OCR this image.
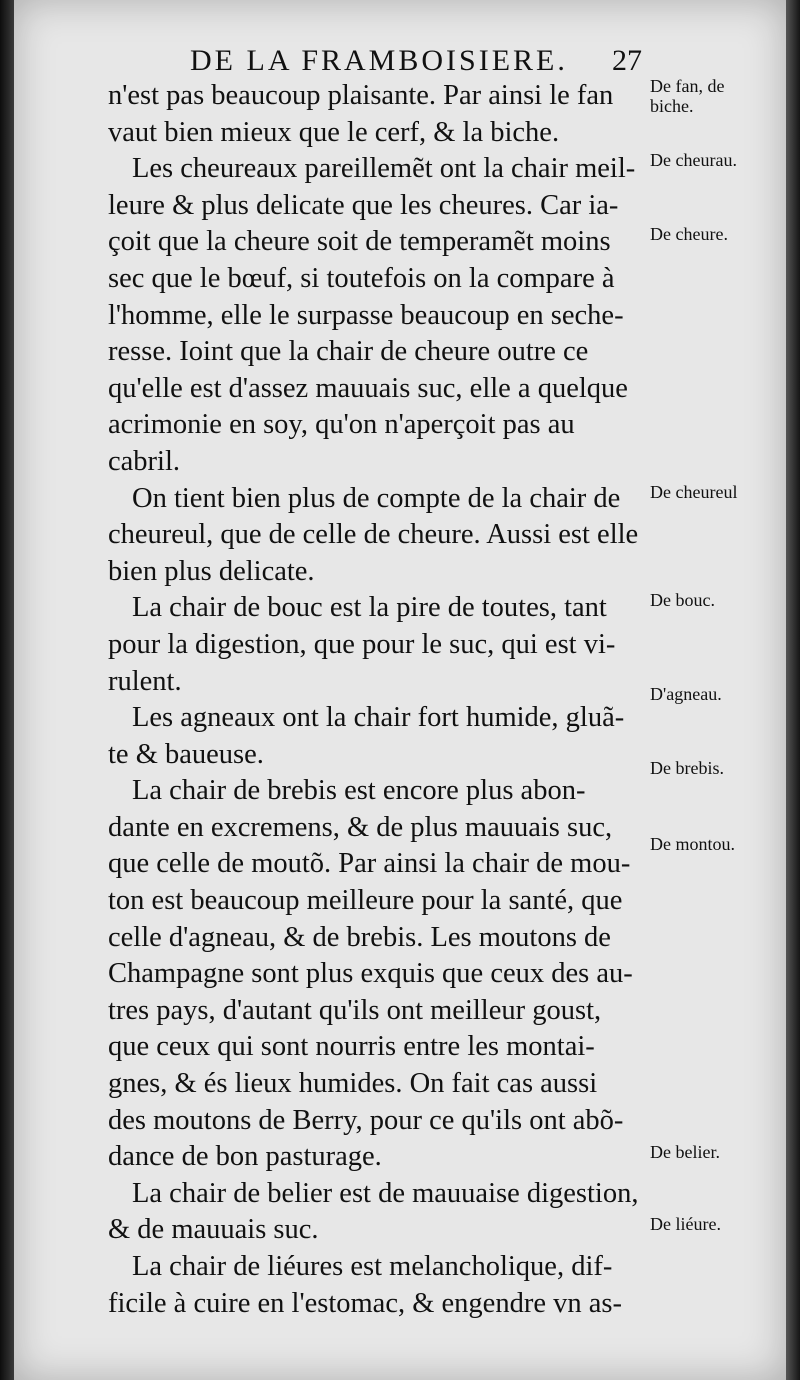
DE LA FRAMBOISIERE.	27
n'est pas beaucoup plaisante. Par ainsi le fan
vaut bien mieux que le cerf, & la biche.
Les cheureaux pareillemẽt ont la chair meil-
leure & plus delicate que les cheures. Car ia-
çoit que la cheure soit de temperamẽt moins
sec que le bœuf, si toutefois on la compare à
l'homme, elle le surpasse beaucoup en seche-
resse. Ioint que la chair de cheure outre ce
qu'elle est d'assez mauuais suc, elle a quelque
acrimonie en soy, qu'on n'aperçoit pas au
cabril.
On tient bien plus de compte de la chair de
cheureul, que de celle de cheure. Aussi est elle
bien plus delicate.
La chair de bouc est la pire de toutes, tant
pour la digestion, que pour le suc, qui est vi-
rulent.
Les agneaux ont la chair fort humide, gluã-
te & baueuse.
La chair de brebis est encore plus abon-
dante en excremens, & de plus mauuais suc,
que celle de moutõ. Par ainsi la chair de mou-
ton est beaucoup meilleure pour la santé, que
celle d'agneau, & de brebis. Les moutons de
Champagne sont plus exquis que ceux des au-
tres pays, d'autant qu'ils ont meilleur goust,
que ceux qui sont nourris entre les montai-
gnes, & és lieux humides. On fait cas aussi
des moutons de Berry, pour ce qu'ils ont abõ-
dance de bon pasturage.
La chair de belier est de mauuaise digestion,
& de mauuais suc.
La chair de liéures est melancholique, dif-
ficile à cuire en l'estomac, & engendre vn as-
De fan, de
biche.
De cheurau.
De cheure.
De cheureul
De bouc.
D'agneau.
De brebis.
De montou.
De belier.
De liéure.
